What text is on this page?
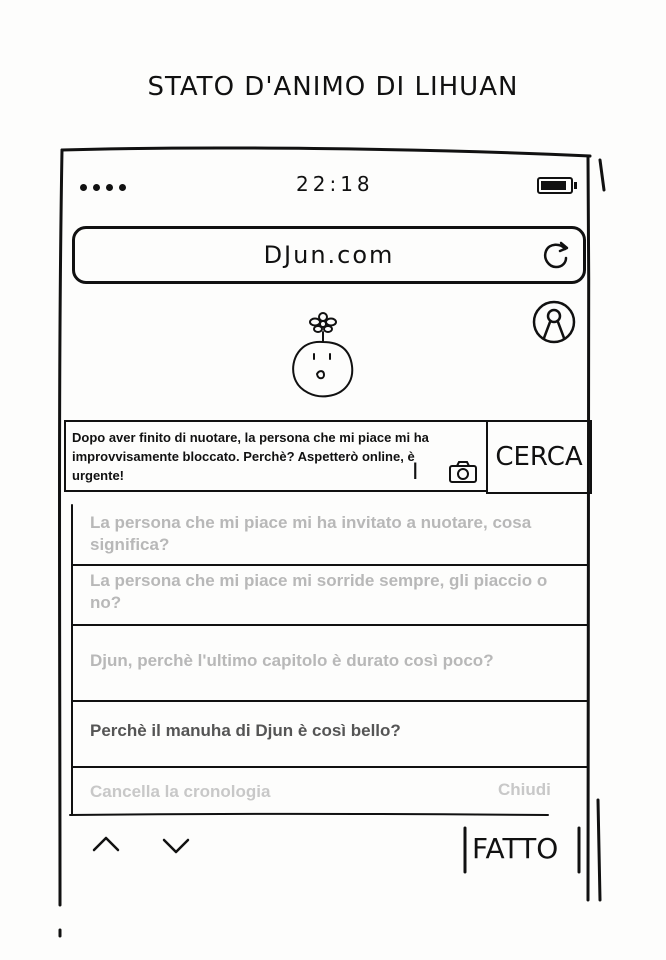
STATO D'ANIMO DI LIHUAN
22:18
DJun.com
Dopo aver finito di nuotare, la persona che mi piace mi ha improvvisamente bloccato. Perchè? Aspetterò online, è urgente!	I
CERCA
La persona che mi piace mi ha invitato a nuotare, cosa significa?
La persona che mi piace mi sorride sempre, gli piaccio o no?
Djun, perchè l'ultimo capitolo è durato così poco?
Perchè il manuha di Djun è così bello?
Cancella la cronologia	Chiudi
FATTO
